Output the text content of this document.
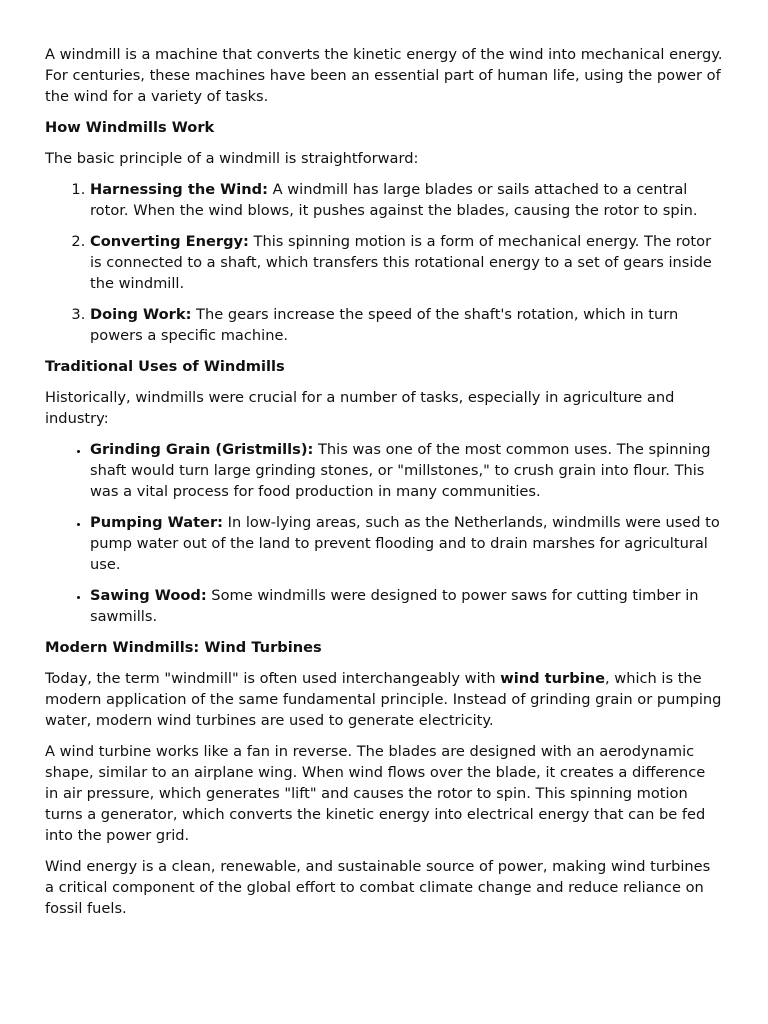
A windmill is a machine that converts the kinetic energy of the wind into mechanical energy. For centuries, these machines have been an essential part of human life, using the power of the wind for a variety of tasks.

How Windmills Work

The basic principle of a windmill is straightforward:

1. Harnessing the Wind: A windmill has large blades or sails attached to a central rotor. When the wind blows, it pushes against the blades, causing the rotor to spin.
2. Converting Energy: This spinning motion is a form of mechanical energy. The rotor is connected to a shaft, which transfers this rotational energy to a set of gears inside the windmill.
3. Doing Work: The gears increase the speed of the shaft's rotation, which in turn powers a specific machine.
Traditional Uses of Windmills

Historically, windmills were crucial for a number of tasks, especially in agriculture and industry:

• Grinding Grain (Gristmills): This was one of the most common uses. The spinning shaft would turn large grinding stones, or "millstones," to crush grain into flour. This was a vital process for food production in many communities.
• Pumping Water: In low-lying areas, such as the Netherlands, windmills were used to pump water out of the land to prevent flooding and to drain marshes for agricultural use.
• Sawing Wood: Some windmills were designed to power saws for cutting timber in sawmills.
Modern Windmills: Wind Turbines

Today, the term "windmill" is often used interchangeably with wind turbine, which is the modern application of the same fundamental principle. Instead of grinding grain or pumping water, modern wind turbines are used to generate electricity.

A wind turbine works like a fan in reverse. The blades are designed with an aerodynamic shape, similar to an airplane wing. When wind flows over the blade, it creates a difference in air pressure, which generates "lift" and causes the rotor to spin. This spinning motion turns a generator, which converts the kinetic energy into electrical energy that can be fed into the power grid.

Wind energy is a clean, renewable, and sustainable source of power, making wind turbines a critical component of the global effort to combat climate change and reduce reliance on fossil fuels.
